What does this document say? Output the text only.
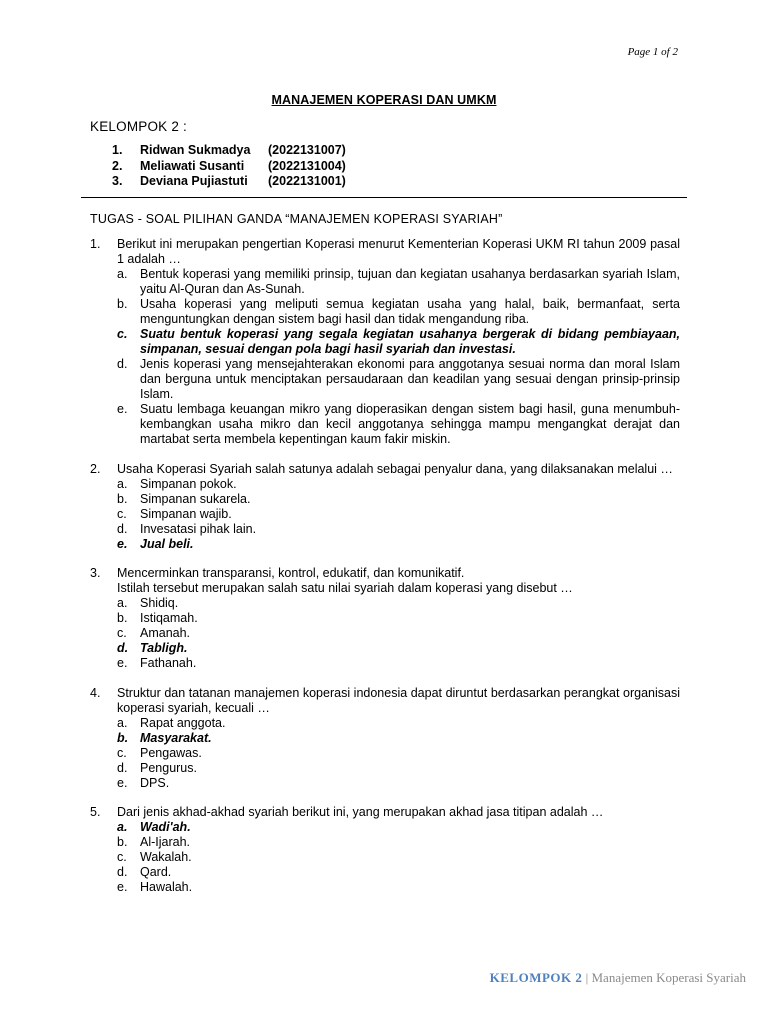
Page 1 of 2
MANAJEMEN KOPERASI DAN UMKM
KELOMPOK 2 :
1.	Ridwan Sukmadya	(2022131007)
2.	Meliawati Susanti	(2022131004)
3.	Deviana Pujiastuti	(2022131001)
TUGAS - SOAL PILIHAN GANDA “MANAJEMEN KOPERASI SYARIAH”
1.	Berikut ini merupakan pengertian Koperasi menurut Kementerian Koperasi UKM RI tahun 2009 pasal 1 adalah …
a.	Bentuk koperasi yang memiliki prinsip, tujuan dan kegiatan usahanya berdasarkan syariah Islam, yaitu Al-Quran dan As-Sunah.
b.	Usaha koperasi yang meliputi semua kegiatan usaha yang halal, baik, bermanfaat, serta menguntungkan dengan sistem bagi hasil dan tidak mengandung riba.
c.	Suatu bentuk koperasi yang segala kegiatan usahanya bergerak di bidang pembiayaan, simpanan, sesuai dengan pola bagi hasil syariah dan investasi.
d.	Jenis koperasi yang mensejahterakan ekonomi para anggotanya sesuai norma dan moral Islam dan berguna untuk menciptakan persaudaraan dan keadilan yang sesuai dengan prinsip-prinsip Islam.
e.	Suatu lembaga keuangan mikro yang dioperasikan dengan sistem bagi hasil, guna menumbuh-kembangkan usaha mikro dan kecil anggotanya sehingga mampu mengangkat derajat dan martabat serta membela kepentingan kaum fakir miskin.
2.	Usaha Koperasi Syariah salah satunya adalah sebagai penyalur dana, yang dilaksanakan melalui …
a.	Simpanan pokok.
b.	Simpanan sukarela.
c.	Simpanan wajib.
d.	Invesatasi pihak lain.
e.	Jual beli.
3.	Mencerminkan transparansi, kontrol, edukatif, dan komunikatif.
Istilah tersebut merupakan salah satu nilai syariah dalam koperasi yang disebut …
a.	Shidiq.
b.	Istiqamah.
c.	Amanah.
d. Tabligh.
e.	Fathanah.
4.	Struktur dan tatanan manajemen koperasi indonesia dapat diruntut berdasarkan perangkat organisasi koperasi syariah, kecuali …
a.	Rapat anggota.
b. Masyarakat.
c.	Pengawas.
d.	Pengurus.
e.	DPS.
5.	Dari jenis akhad-akhad syariah berikut ini, yang merupakan akhad jasa titipan adalah …
a.	Wadi'ah.
b.	Al-Ijarah.
c.	Wakalah.
d.	Qard.
e.	Hawalah.
KELOMPOK 2 | Manajemen Koperasi Syariah
